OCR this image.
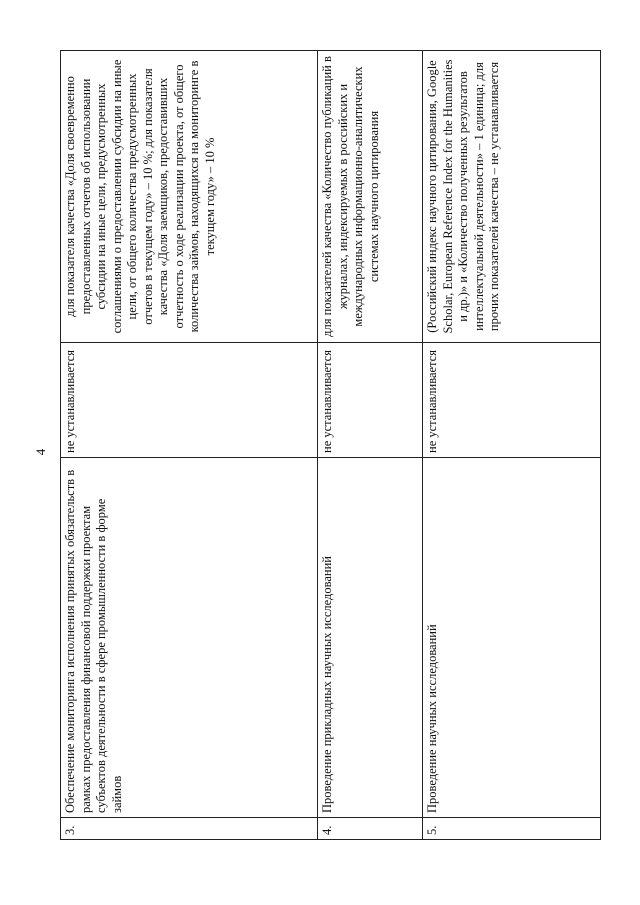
4
3.	Обеспечение мониторинга исполнения принятых обязательств в рамках предоставления финансовой поддержки проектам субъектов деятельности в сфере промышленности в форме займов	не устанавливается	для показателя качества «Доля своевременно предоставленных отчетов об использовании субсидии на иные цели, предусмотренных соглашениями о предоставлении субсидии на иные цели, от общего количества предусмотренных отчетов в текущем году» – 10 %; для показателя качества «Доля заемщиков, предоставивших отчетность о ходе реализации проекта, от общего количества займов, находящихся на мониторинге в текущем году» – 10 %
4.	Проведение прикладных научных исследований	не устанавливается	для показателей качества «Количество публикаций в журналах, индексируемых в российских и международных информационно-аналитических системах научного цитирования
5.	Проведение научных исследований	не устанавливается	(Российский индекс научного цитирования, Google Scholar, European Reference Index for the Humanities и др.)» и «Количество полученных результатов интеллектуальной деятельности» – 1 единица; для прочих показателей качества – не устанавливается
